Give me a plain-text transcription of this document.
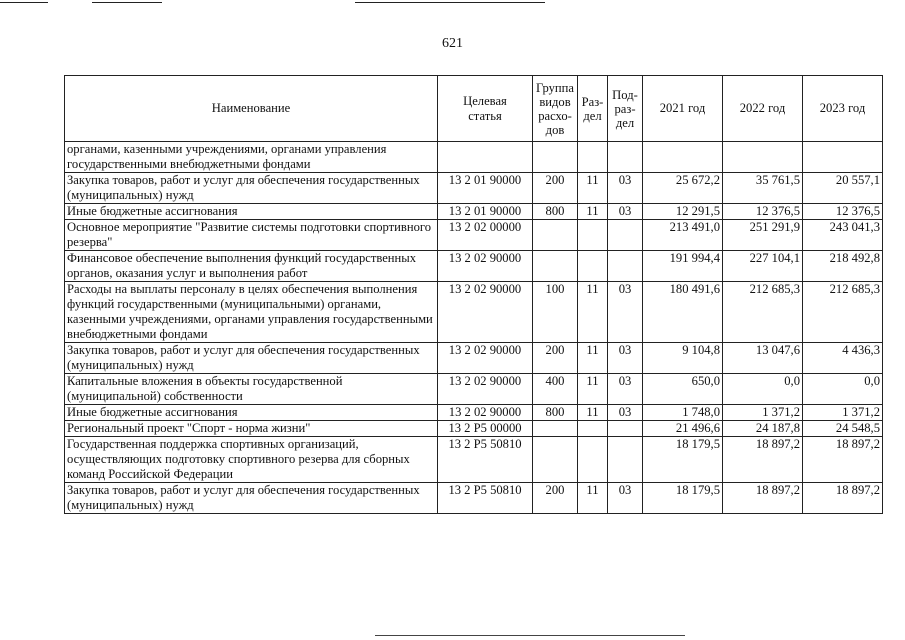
621
Наименование	Целевая статья	Группа видов расхо-дов	Раз-дел	Под-раз-дел	2021 год	2022 год	2023 год
органами, казенными учреждениями, органами управления государственными внебюджетными фондами							
Закупка товаров, работ и услуг для обеспечения государственных (муниципальных) нужд	13 2 01 90000	200	11	03	25 672,2	35 761,5	20 557,1
Иные бюджетные ассигнования	13 2 01 90000	800	11	03	12 291,5	12 376,5	12 376,5
Основное мероприятие "Развитие системы подготовки спортивного резерва"	13 2 02 00000				213 491,0	251 291,9	243 041,3
Финансовое обеспечение выполнения функций государственных органов, оказания услуг и выполнения работ	13 2 02 90000				191 994,4	227 104,1	218 492,8
Расходы на выплаты персоналу в целях обеспечения выполнения функций государственными (муниципальными) органами, казенными учреждениями, органами управления государственными внебюджетными фондами	13 2 02 90000	100	11	03	180 491,6	212 685,3	212 685,3
Закупка товаров, работ и услуг для обеспечения государственных (муниципальных) нужд	13 2 02 90000	200	11	03	9 104,8	13 047,6	4 436,3
Капитальные вложения в объекты государственной (муниципальной) собственности	13 2 02 90000	400	11	03	650,0	0,0	0,0
Иные бюджетные ассигнования	13 2 02 90000	800	11	03	1 748,0	1 371,2	1 371,2
Региональный проект "Спорт - норма жизни"	13 2 P5 00000				21 496,6	24 187,8	24 548,5
Государственная поддержка спортивных организаций, осуществляющих подготовку спортивного резерва для сборных команд Российской Федерации	13 2 P5 50810				18 179,5	18 897,2	18 897,2
Закупка товаров, работ и услуг для обеспечения государственных (муниципальных) нужд	13 2 P5 50810	200	11	03	18 179,5	18 897,2	18 897,2
